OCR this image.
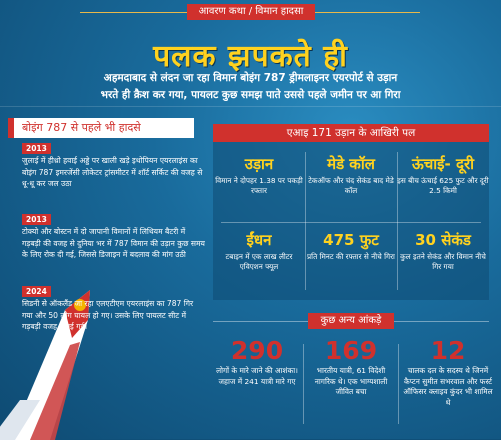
आवरण कथा / विमान हादसा
पलक झपकते ही
अहमदाबाद से लंदन जा रहा विमान बोइंग 787 ड्रीमलाइनर एयरपोर्ट से उड़ान
भरते ही क्रैश कर गया, पायलट कुछ समझ पाते उससे पहले जमीन पर आ गिरा
बोइंग 787 से पहले भी हादसे
2013
जुलाई में हीथ्रो हवाई अड्डे पर खाली खड़े इथोपियन एयरलाइंस का बोइंग 787 इमरजेंसी लोकेटर ट्रांसमीटर में शॉर्ट सर्किट की वजह से धू-धू कर जल उठा
2013
टोक्यो और बोस्टन में दो जापानी विमानों में लिथियम बैटरी में गड़बड़ी की वजह से दुनिया भर में 787 विमान की उड़ान कुछ समय के लिए रोक दी गई, जिससे डिजाइन में बदलाव की मांग उठी
2024
सिडनी से ऑकलैंड जा रहा एलएटीएम एयरलाइंस का 787 गिर गया और 50 लोग घायल हो गए। उसके लिए पायलट सीट में गड़बड़ी वजह बताई गई।
एआइ 171 उड़ान के आखिरी पल
उड़ान
विमान ने दोपहर 1.38 पर पकड़ी रफ्तार
मेडे कॉल
टेकऑफ और चंद सेकंड बाद मेडे कॉल
ऊंचाई- दूरी
इस बीच ऊंचाई 625 फुट और दूरी 2.5 किमी
ईंधन
टबाइन में एक लाख लीटर एविएशन फ्यूल
475 फुट
प्रति मिनट की रफ्तार से नीचे गिरा
30 सेकंड
कुल इतने सेकंड और विमान नीचे गिर गया
कुछ अन्य आंकड़े
290
लोगों के मारे जाने की आशंका। जहाज में 241 यात्री मारे गए
169
भारतीय यात्री, 61 विदेशी नागरिक थे। एक भाग्यशाली जीवित बचा
12
चालक दल के सदस्य थे जिनमें कैप्टन सुमीत सभरवाल और फर्स्ट ऑफिसर क्लाइव कुंदर भी शामिल थे
